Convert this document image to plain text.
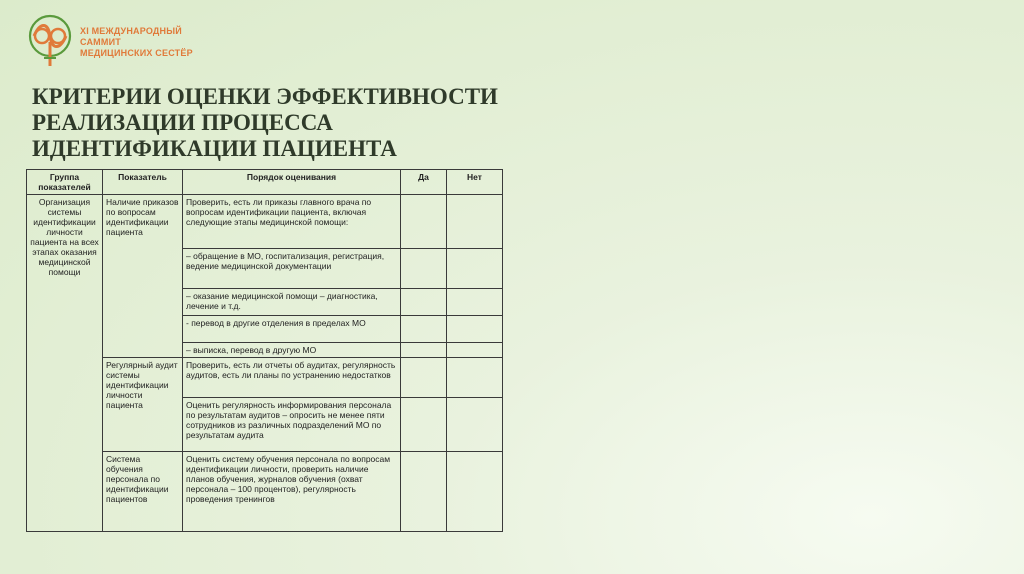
XI МЕЖДУНАРОДНЫЙ САММИТ
МЕДИЦИНСКИХ СЕСТЁР
КРИТЕРИИ ОЦЕНКИ ЭФФЕКТИВНОСТИ
РЕАЛИЗАЦИИ ПРОЦЕССА
ИДЕНТИФИКАЦИИ ПАЦИЕНТА
Группа показателей	Показатель	Порядок оценивания	Да	Нет
Организация системы идентификации личности пациента на всех этапах оказания медицинской помощи	Наличие приказов по вопросам идентификации пациента	Проверить, есть ли приказы главного врача по вопросам идентификации пациента, включая следующие этапы медицинской помощи:		
		– обращение в МО, госпитализация, регистрация, ведение медицинской документации		
		– оказание медицинской помощи – диагностика, лечение и т.д.		
		- перевод в другие отделения в пределах МО		
		– выписка, перевод в другую МО		
	Регулярный аудит системы идентификации личности пациента	Проверить, есть ли отчеты об аудитах, регулярность аудитов, есть ли планы по устранению недостатков		
		Оценить регулярность информирования персонала по результатам аудитов – опросить не менее пяти сотрудников из различных подразделений МО по результатам аудита		
	Система обучения персонала по идентификации пациентов	Оценить систему обучения персонала по вопросам идентификации личности, проверить наличие планов обучения, журналов обучения (охват персонала – 100 процентов), регулярность проведения тренингов		
